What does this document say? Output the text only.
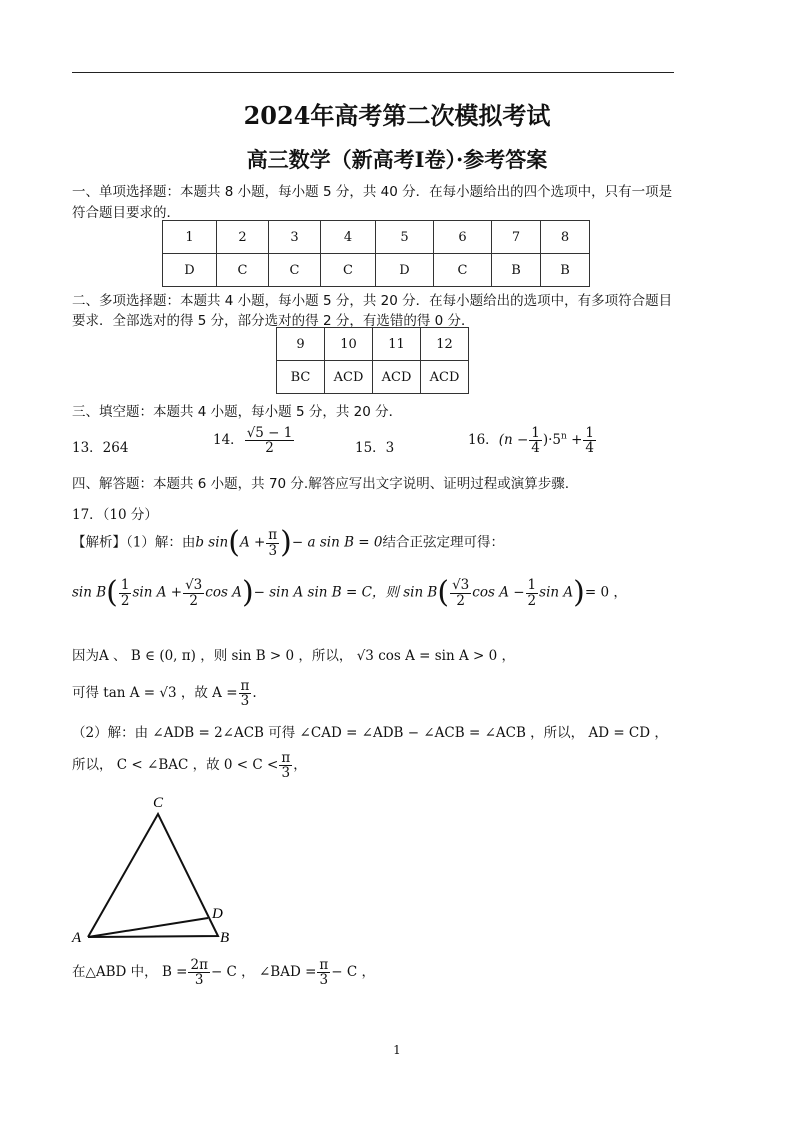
2024年高考第二次模拟考试
高三数学（新高考Ⅰ卷）·参考答案
一、单项选择题：本题共 8 小题，每小题 5 分，共 40 分．在每小题给出的四个选项中，只有一项是
符合题目要求的．
1	2	3	4	5	6	7	8
D	C	C	C	D	C	B	B
二、多项选择题：本题共 4 小题，每小题 5 分，共 20 分．在每小题给出的选项中，有多项符合题目
要求．全部选对的得 5 分，部分选对的得 2 分，有选错的得 0 分．
9	10	11	12
BC	ACD	ACD	ACD
三、填空题：本题共 4 小题，每小题 5 分，共 20 分．
13．264	14． $\frac{√5 - 1}{2}$	15．3	16．$(n - \frac{1}{4} )\cdot 5^n + \frac{1}{4}$
四、解答题：本题共 6 小题，共 70 分.解答应写出文字说明、证明过程或演算步骤.
17．（10 分）
【解析】（1）解：由b $\sin(A + \frac{\pi}{3}$ )− a sin B = 0结合正弦定理可得：
$\sin B( \frac{1}{2}$ $\sin A + \frac{√3}{2}$ cos A)− sin A sin B = C，则 $\sin B( \frac{√3}{2}$ $\cos A - \frac{1}{2}$ sin A)= 0 ，
因为A 、 B ∈ (0, π) ，则 sin B > 0 ，所以， √3 cos A = sin A > 0 ，
可得 tan A = √3 ，故 $A = \frac{\pi}{3}$ .
（2）解：由 ∠ADB = 2∠ACB 可得 ∠CAD = ∠ADB − ∠ACB = ∠ACB ，所以， AD = CD ，
所以， C < ∠BAC ，故 $0 < C < \frac{\pi}{3}$ ，
C
A	B
D
在△ABD 中， $B = \frac{2\pi}{3} - C$ ， ∠BAD = $\frac{\pi}{3} - C$ ，
1
